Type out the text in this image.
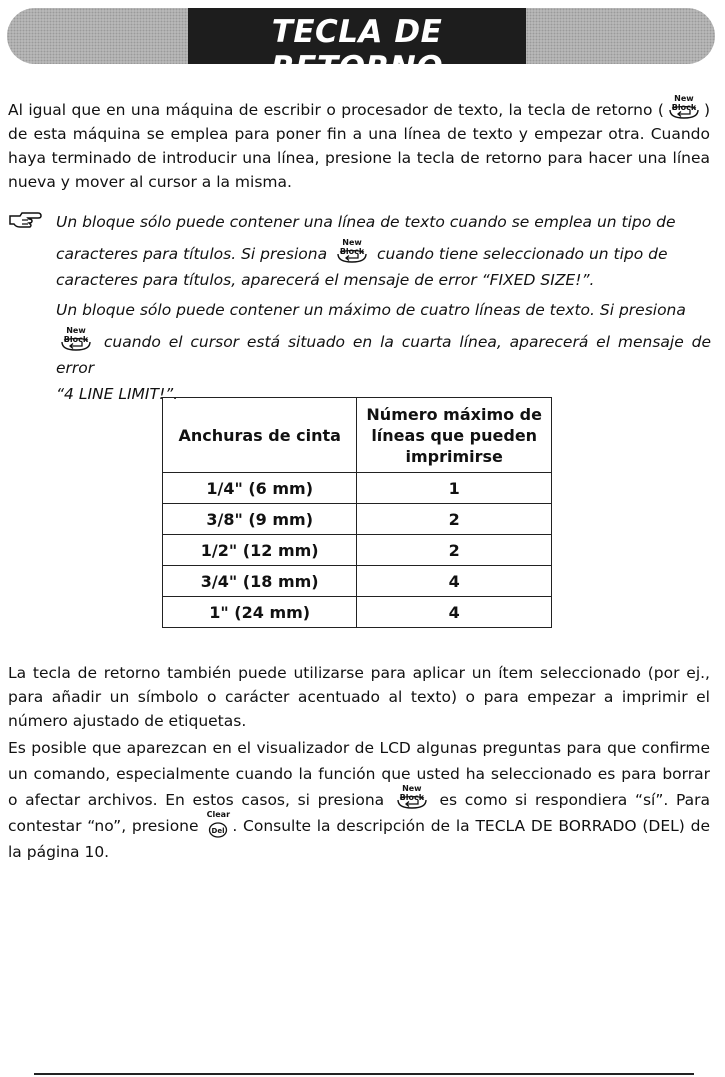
TECLA DE RETORNO
Al igual que en una máquina de escribir o procesador de texto, la tecla de retorno (
New Block ) de esta máquina se emplea para poner fin a una línea de texto y empezar otra. Cuando haya terminado de introducir una línea, presione la tecla de retorno para hacer una línea nueva y mover al cursor a la misma.
Un bloque sólo puede contener una línea de texto cuando se emplea un tipo de
caracteres para títulos. Si presiona
New Block cuando tiene seleccionado un tipo de
caracteres para títulos, aparecerá el mensaje de error “FIXED SIZE!”.
Un bloque sólo puede contener un máximo de cuatro líneas de texto. Si presiona
New Block	cuando el cursor está situado en la cuarta línea, aparecerá el mensaje de error
“4 LINE LIMIT!”.
Anchuras de cinta	Número máximo de líneas que pueden imprimirse
1/4" (6 mm)	1
3/8" (9 mm)	2
1/2" (12 mm)	2
3/4" (18 mm)	4
1" (24 mm)	4
La tecla de retorno también puede utilizarse para aplicar un ítem seleccionado (por ej., para añadir un símbolo o carácter acentuado al texto) o para empezar a imprimir el número ajustado de etiquetas.
Es posible que aparezcan en el visualizador de LCD algunas preguntas para que confirme un comando, especialmente cuando la función que usted ha seleccionado es para borrar o afectar archivos. En estos casos, si presiona
New Block es como si respondiera “sí”. Para contestar “no”, presione
Clear
Del . Consulte la descripción de la TECLA DE BORRADO (DEL) de la página 10.
